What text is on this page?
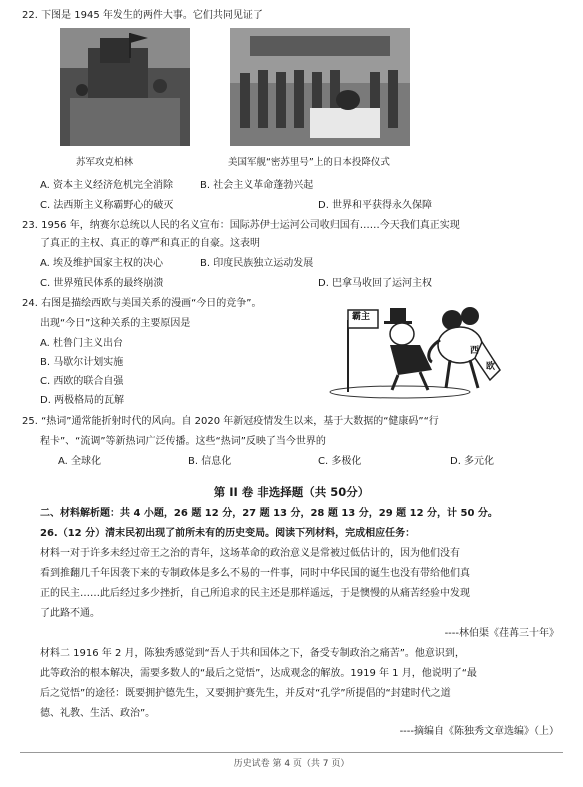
22. 下图是 1945 年发生的两件大事。它们共同见证了
苏军攻克柏林	美国军舰“密苏里号”上的日本投降仪式
A. 资本主义经济危机完全消除	B. 社会主义革命蓬勃兴起
C. 法西斯主义称霸野心的破灭	D. 世界和平获得永久保障
23. 1956 年，纳赛尔总统以人民的名义宣布：国际苏伊士运河公司收归国有……今天我们真正实现
了真正的主权、真正的尊严和真正的自豪。这表明
A. 埃及维护国家主权的决心	B. 印度民族独立运动发展
C. 世界殖民体系的最终崩溃	D. 巴拿马收回了运河主权
24. 右图是描绘西欧与美国关系的漫画“今日的竞争”。
出现“今日”这种关系的主要原因是
A. 杜鲁门主义出台
B. 马歇尔计划实施
C. 西欧的联合自强
D. 两极格局的瓦解
霸主
西
欧
25. “热词”通常能折射时代的风向。自 2020 年新冠疫情发生以来，基于大数据的“健康码”“行
程卡”、“流调”等新热词广泛传播。这些“热词”反映了当今世界的
A. 全球化	B. 信息化	C. 多极化	D. 多元化
第 II 卷 非选择题（共 50分）
二、材料解析题：共 4 小题，26 题 12 分，27 题 13 分，28 题 13 分，29 题 12 分，计 50 分。
26.（12 分）清末民初出现了前所未有的历史变局。阅读下列材料，完成相应任务：
材料一对于许多未经过帝王之治的青年，这场革命的政治意义是常被过低估计的，因为他们没有
看到推翻几千年因袭下来的专制政体是多么不易的一件事，同时中华民国的诞生也没有带给他们真
正的民主……此后经过多少挫折，自己所追求的民主还是那样遥远，于是懊慢的从痛苦经验中发现
了此路不通。
----林伯渠《荏苒三十年》
材料二 1916 年 2 月，陈独秀感觉到“吾人于共和国体之下，备受专制政治之痛苦”。他意识到，
此等政治的根本解决，需要多数人的“最后之觉悟”，达成观念的解放。1919 年 1 月，他说明了“最
后之觉悟”的途径：既要拥护德先生，又要拥护赛先生，并反对“孔学”所提倡的“封建时代之道
德、礼教、生活、政治”。
----摘编自《陈独秀文章选编》（上）
历史试卷 第 4 页（共 7 页）
